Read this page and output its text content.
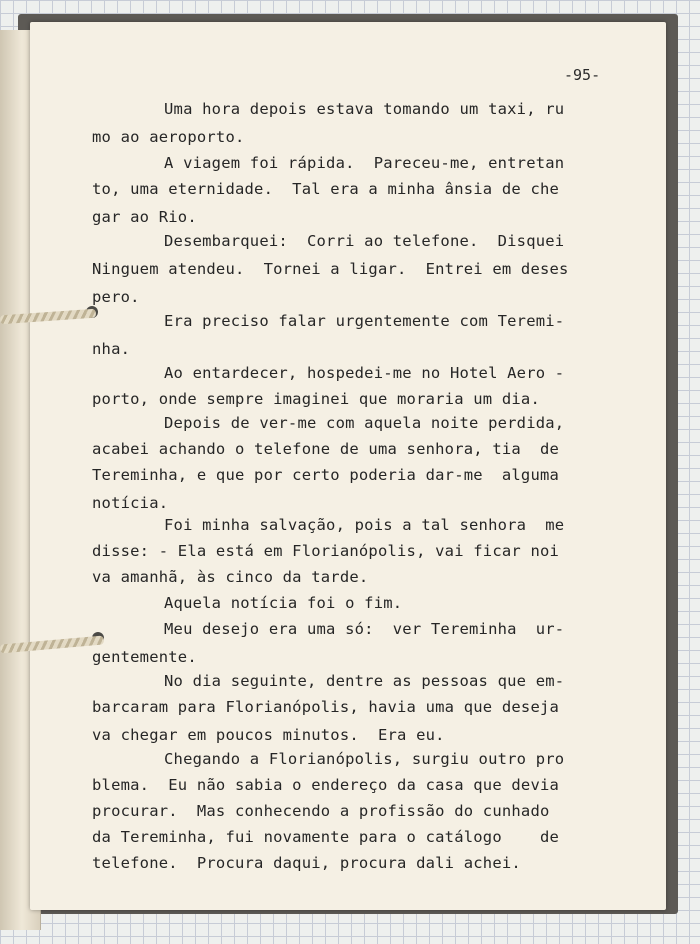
-95-
Uma hora depois estava tomando um taxi, ru
mo ao aeroporto.
A viagem foi rápida.  Pareceu-me, entretan
to, uma eternidade.  Tal era a minha ânsia de che
gar ao Rio.
Desembarquei:  Corri ao telefone.  Disquei
Ninguem atendeu.  Tornei a ligar.  Entrei em deses
pero.
Era preciso falar urgentemente com Teremi-
nha.
Ao entardecer, hospedei-me no Hotel Aero -
porto, onde sempre imaginei que moraria um dia.
Depois de ver-me com aquela noite perdida,
acabei achando o telefone de uma senhora, tia  de
Tereminha, e que por certo poderia dar-me  alguma
notícia.
Foi minha salvação, pois a tal senhora  me
disse: - Ela está em Florianópolis, vai ficar noi
va amanhã, às cinco da tarde.
Aquela notícia foi o fim.
Meu desejo era uma só:  ver Tereminha  ur-
gentemente.
No dia seguinte, dentre as pessoas que em-
barcaram para Florianópolis, havia uma que deseja
va chegar em poucos minutos.  Era eu.
Chegando a Florianópolis, surgiu outro pro
blema.  Eu não sabia o endereço da casa que devia
procurar.  Mas conhecendo a profissão do cunhado
da Tereminha, fui novamente para o catálogo    de
telefone.  Procura daqui, procura dali achei.
